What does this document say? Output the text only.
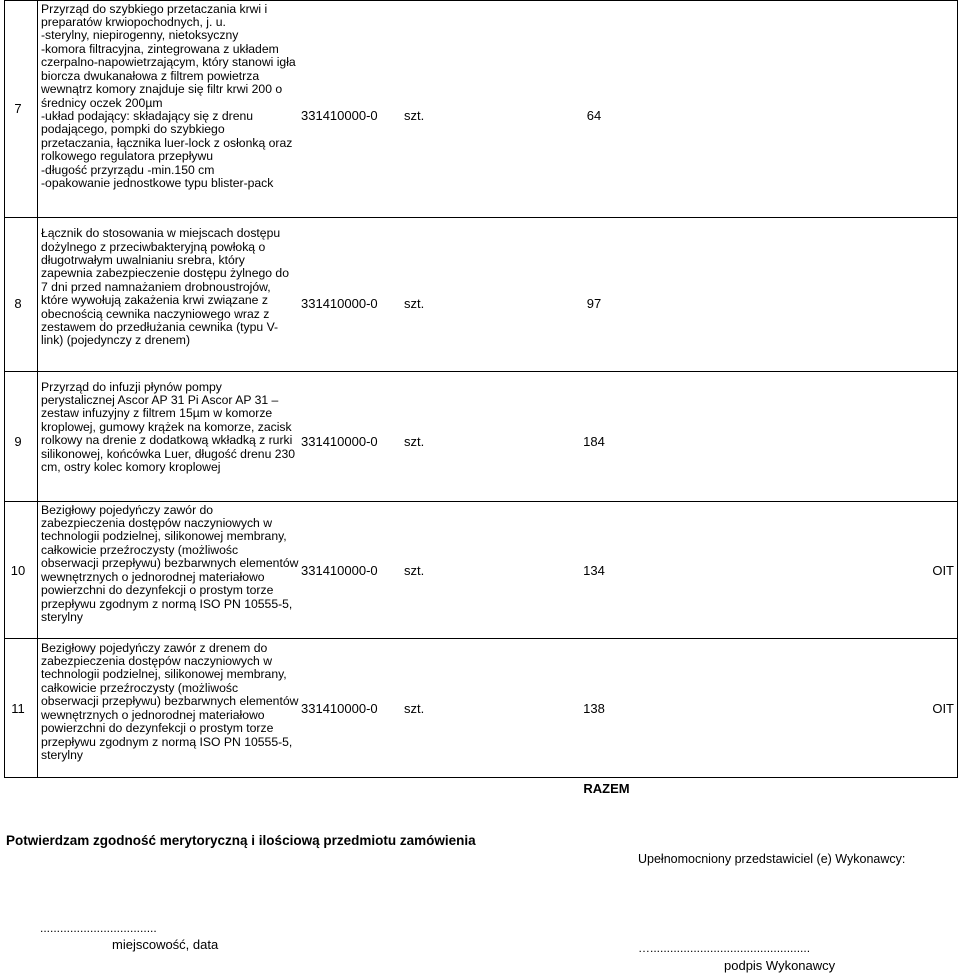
7
Przyrząd do szybkiego przetaczania krwi i
preparatów krwiopochodnych, j. u.
-sterylny, niepirogenny, nietoksyczny
-komora filtracyjna, zintegrowana z układem
czerpalno-napowietrzającym, który stanowi igła
biorcza dwukanałowa z filtrem powietrza
wewnątrz komory znajduje się filtr krwi 200 o
średnicy oczek 200µm
-układ podający: składający się z drenu
podającego, pompki do szybkiego
przetaczania, łącznika luer-lock z osłonką oraz
rolkowego regulatora przepływu
-długość przyrządu -min.150 cm
-opakowanie jednostkowe typu blister-pack
331410000-0	szt.	64
8
Łącznik do stosowania w miejscach dostępu
dożylnego z przeciwbakteryjną powłoką o
długotrwałym uwalnianiu srebra, który
zapewnia zabezpieczenie dostępu żylnego do
7 dni przed namnażaniem drobnoustrojów,
które wywołują zakażenia krwi związane z
obecnością cewnika naczyniowego wraz z
zestawem do przedłużania cewnika (typu V-
link) (pojedynczy z drenem)
331410000-0	szt.	97
9
Przyrząd do infuzji płynów pompy
perystalicznej Ascor AP 31 Pi Ascor AP 31 –
zestaw infuzyjny z filtrem 15µm w komorze
kroplowej, gumowy krążek na komorze, zacisk
rolkowy na drenie z dodatkową wkładką z rurki
silikonowej, końcówka Luer, długość drenu 230
cm, ostry kolec komory kroplowej
331410000-0	szt.	184
10
Bezigłowy pojedyńczy zawór do
zabezpieczenia dostępów naczyniowych w
technologii podzielnej, silikonowej membrany,
całkowicie przeźroczysty (możliwośc
obserwacji przepływu) bezbarwnych elementów
wewnętrznych o jednorodnej materiałowo
powierzchni do dezynfekcji o prostym torze
przepływu zgodnym z normą ISO PN 10555-5,
sterylny
331410000-0	szt.	134	OIT
11
Bezigłowy pojedyńczy zawór z drenem do
zabezpieczenia dostępów naczyniowych w
technologii podzielnej, silikonowej membrany,
całkowicie przeźroczysty (możliwośc
obserwacji przepływu) bezbarwnych elementów
wewnętrznych o jednorodnej materiałowo
powierzchni do dezynfekcji o prostym torze
przepływu zgodnym z normą ISO PN 10555-5,
sterylny
331410000-0	szt.	138	OIT
RAZEM
Potwierdzam zgodność merytoryczną i ilościową przedmiotu zamówienia
Upełnomocniony przedstawiciel (e) Wykonawcy:
...................................
miejscowość, data	…................................................
podpis Wykonawcy
